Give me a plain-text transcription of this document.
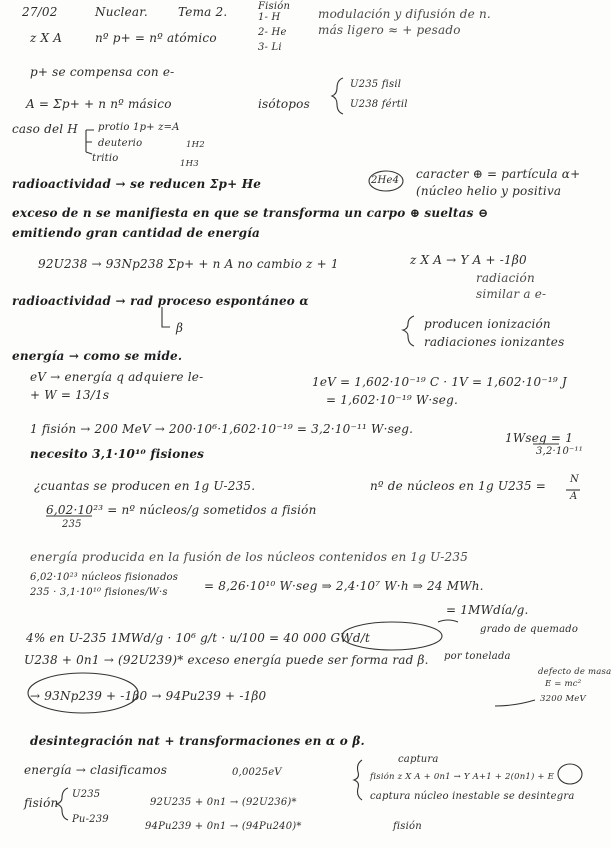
27/02	Nuclear.	Tema 2.	Fisión
1- H
2- He
3- Li
modulación y difusión de n.
más ligero ≈ + pesado
z X A	nº p+ = nº atómico
p+ se compensa con e-
A = Σp+ + n nº másico	isótopos
U235 fisil
U238 fértil
caso del H protio 1p+ z=A
deuterio
tritio
1H2
1H3
radioactividad → se reducen Σp+ He	2He4 caracter ⊕ = partícula α+
(núcleo helio y positiva
exceso de n se manifiesta en que se transforma un carpo ⊕ sueltas ⊖
emitiendo gran cantidad de energía
92U238 → 93Np238 Σp+ + n A no cambio z + 1	z X A → Y A + -1β0
radiación
similar a e-
radioactividad → rad proceso espontáneo α
β	producen ionización
radiaciones ionizantes
energía → como se mide.
eV → energía q adquiere le-
+ W = 13/1s
1eV = 1,602·10⁻¹⁹ C · 1V = 1,602·10⁻¹⁹ J
= 1,602·10⁻¹⁹ W·seg.
1 fisión → 200 MeV → 200·10⁶·1,602·10⁻¹⁹ = 3,2·10⁻¹¹ W·seg.
1Wseg = 1
3,2·10⁻¹¹
necesito 3,1·10¹⁰ fisiones
¿cuantas se producen en 1g U-235.	nº de núcleos en 1g U235 = N
A
6,02·10²³ = nº núcleos/g sometidos a fisión
235
energía producida en la fusión de los núcleos contenidos en 1g U-235
6,02·10²³ núcleos fisionados
235 · 3,1·10¹⁰ fisiones/W·s	= 8,26·10¹⁰ W·seg ⇒ 2,4·10⁷ W·h ⇒ 24 MWh.
= 1MWdía/g.
4% en U-235 1MWd/g · 10⁶ g/t · u/100 = 40 000 GWd/t
grado de quemado
por tonelada
U238 + 0n1 → (92U239)* exceso energía puede ser forma rad β.
→ 93Np239 + -1β0 → 94Pu239 + -1β0
defecto de masa
E = mc²
3200 MeV
desintegración nat + transformaciones en α o β.
energía → clasificamos	0,0025eV
captura
fisión z X A + 0n1 → Y A+1 + 2(0n1) + E
captura núcleo inestable se desintegra
fisión
U235
Pu-239
92U235 + 0n1 → (92U236)*
94Pu239 + 0n1 → (94Pu240)*	fisión
